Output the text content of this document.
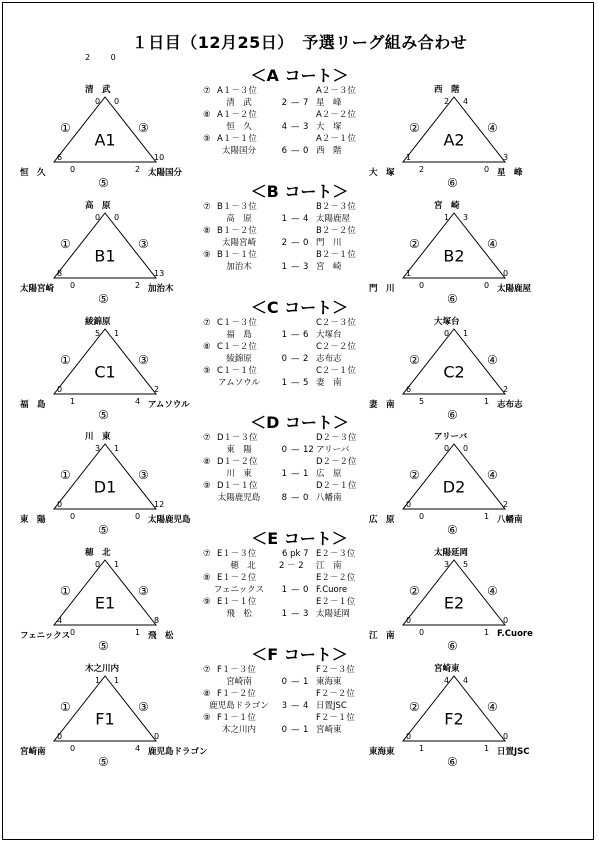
１日目（12月25日）　予選リーグ組み合わせ
2	0
＜A コート＞
清　武
0 0
①	③
A1
6	10
0	2
恒　久	太陽国分
⑤
西　階
2 4
②	④
A2
1	3
2	0
大　塚	星　峰
⑥
⑦ A１－３位	A２－３位
清　武	2 — 7 星　峰
⑧ A１－２位	A２－２位
恒　久	4 — 3 大　塚
⑨ A１－１位	A２－１位
太陽国分	6 — 0 西　階
＜B コート＞
高　原
0 0
①	③
B1
8	13
0	2
太陽宮崎	加治木
⑤
宮　崎
1 3
②	④
B2
1	0
0	0
門　川	太陽鹿屋
⑥
⑦ B１－３位	B２－３位
高　原	1 — 4 太陽鹿屋
⑧ B１－２位	B２－２位
太陽宮崎	2 — 0 門　川
⑨ B１－１位	B２－１位
加治木	1 — 3 宮　崎
＜C コート＞
綾錦原
5 1
①	③
C1
0	2
1	4
福　島	アムソウル
⑤
大塚台
0 1
②	④
C2
6	2
5	1
妻　南	志布志
⑥
⑦ C１－３位	C２－３位
福　島	1 — 6 大塚台
⑧ C１－２位	C２－２位
綾錦原	0 — 2 志布志
⑨ C１－１位	C２－１位
アムソウル	1 — 5 妻　南
＜D コート＞
川　東
3 1
①	③
D1
0	12
0	0
東　陽	太陽鹿児島
⑤
アリーバ
0 0
②	④
D2
0	2
0	1
広　原	八幡南
⑥
⑦ D１－３位	D２－３位
東　陽	0 — 12 アリーバ
⑧ D１－２位	D２－２位
川　東	1 — 1 広　原
⑨ D１－１位	D２－１位
太陽鹿児島	8 — 0 八幡南
＜E コート＞
穂　北
0 1
①	③
E1
4	8
0	1
フェニックス	飛　松
⑤
太陽延岡
3 5
②	④
E2
0	0
0	1
江　南	F.Cuore
⑥
⑦ E１－３位	6 pk 7 E２－３位
穂　北	2 － 2 江　南
⑧ E１－２位	E２－２位
フェニックス	1 — 0 F.Cuore
⑨ E１－１位	E２－１位
飛　松	1 — 3 太陽延岡
＜F コート＞
木之川内
1 1
①	③
F1
0	0
0	4
宮崎南	鹿児島ドラゴン
⑤
宮崎東
4 4
②	④
F2
0	0
1	1
東海東	日置JSC
⑥
⑦ F１－３位	F２－３位
宮崎南	0 — 1 東海東
⑧ F１－２位	F２－２位
鹿児島ドラゴン	3 — 4 日置JSC
⑨ F１－１位	F２－１位
木之川内	0 — 1 宮崎東
